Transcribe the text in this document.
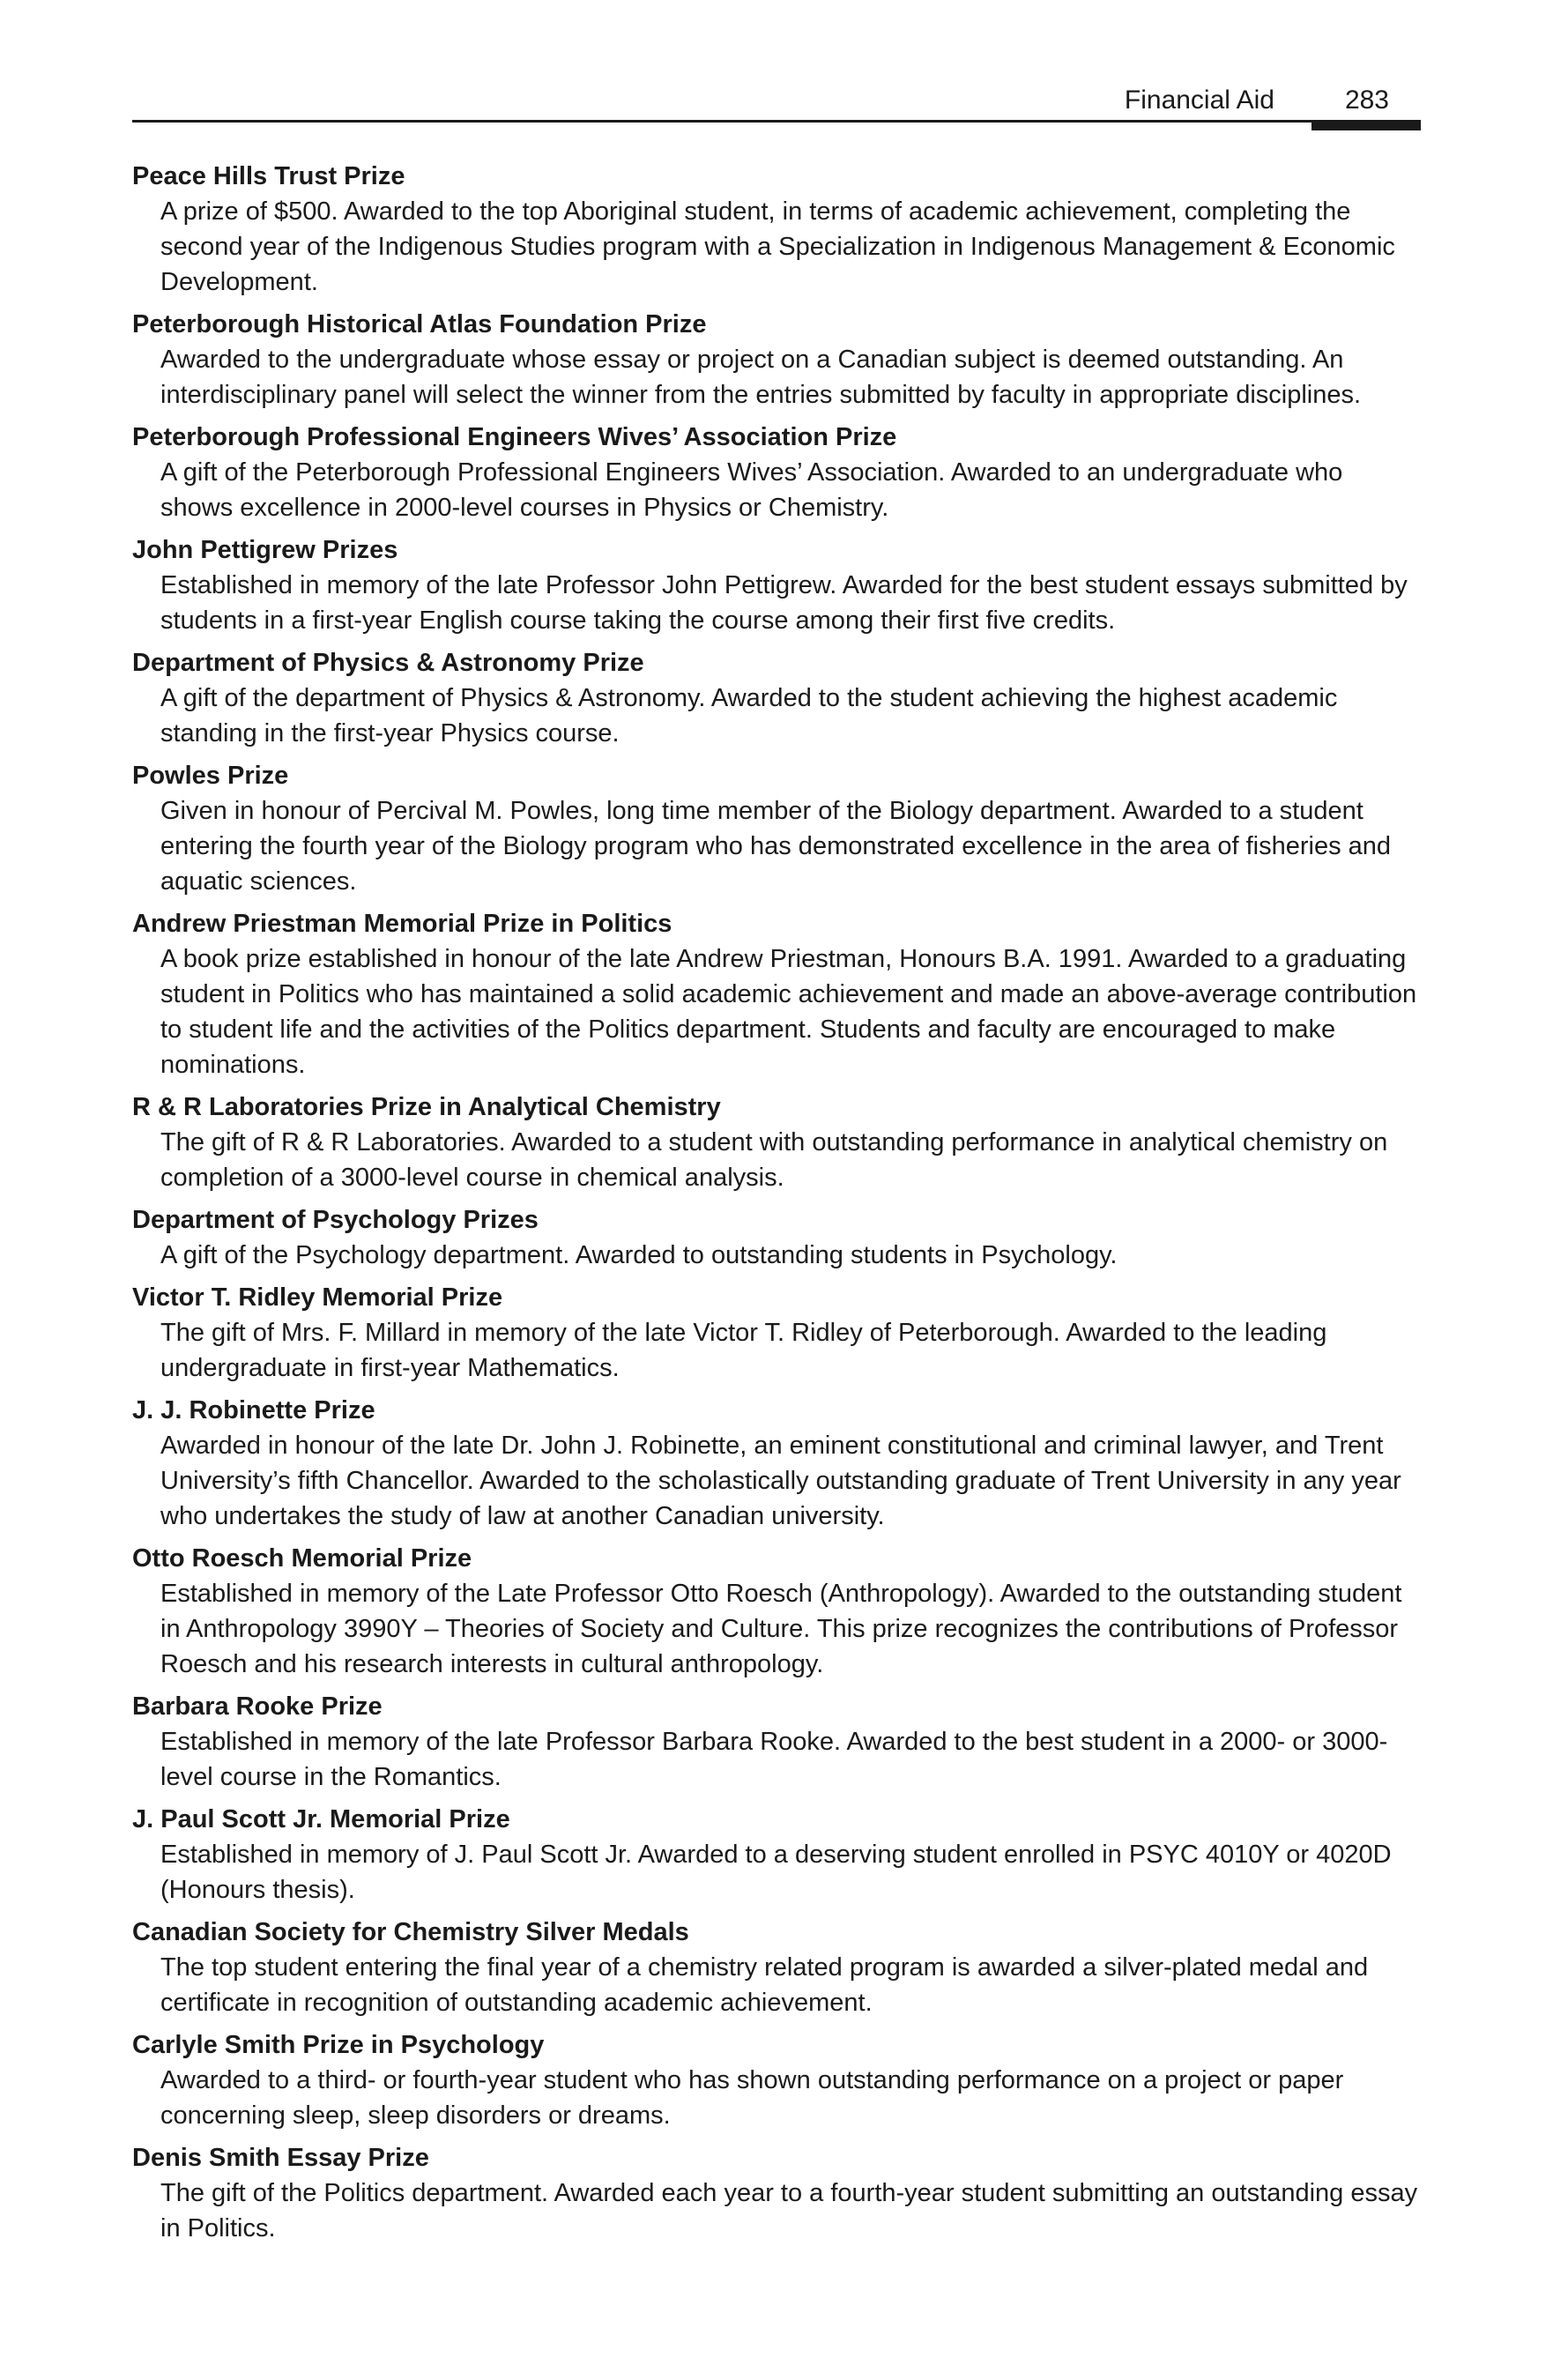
Financial Aid	283
Peace Hills Trust Prize
A prize of $500. Awarded to the top Aboriginal student, in terms of academic achievement, completing the second year of the Indigenous Studies program with a Specialization in Indigenous Management & Economic Development.
Peterborough Historical Atlas Foundation Prize
Awarded to the undergraduate whose essay or project on a Canadian subject is deemed outstanding. An interdisciplinary panel will select the winner from the entries submitted by faculty in appropriate disciplines.
Peterborough Professional Engineers Wives’ Association Prize
A gift of the Peterborough Professional Engineers Wives’ Association. Awarded to an undergraduate who shows excellence in 2000-level courses in Physics or Chemistry.
John Pettigrew Prizes
Established in memory of the late Professor John Pettigrew. Awarded for the best student essays submitted by students in a first-year English course taking the course among their first five credits.
Department of Physics & Astronomy Prize
A gift of the department of Physics & Astronomy. Awarded to the student achieving the highest academic standing in the first-year Physics course.
Powles Prize
Given in honour of Percival M. Powles, long time member of the Biology department. Awarded to a student entering the fourth year of the Biology program who has demonstrated excellence in the area of fisheries and aquatic sciences.
Andrew Priestman Memorial Prize in Politics
A book prize established in honour of the late Andrew Priestman, Honours B.A. 1991. Awarded to a graduating student in Politics who has maintained a solid academic achievement and made an above-average contribution to student life and the activities of the Politics department. Students and faculty are encouraged to make nominations.
R & R Laboratories Prize in Analytical Chemistry
The gift of R & R Laboratories. Awarded to a student with outstanding performance in analytical chemistry on completion of a 3000-level course in chemical analysis.
Department of Psychology Prizes
A gift of the Psychology department. Awarded to outstanding students in Psychology.
Victor T. Ridley Memorial Prize
The gift of Mrs. F. Millard in memory of the late Victor T. Ridley of Peterborough. Awarded to the leading undergraduate in first-year Mathematics.
J. J. Robinette Prize
Awarded in honour of the late Dr. John J. Robinette, an eminent constitutional and criminal lawyer, and Trent University’s fifth Chancellor. Awarded to the scholastically outstanding graduate of Trent University in any year who undertakes the study of law at another Canadian university.
Otto Roesch Memorial Prize
Established in memory of the Late Professor Otto Roesch (Anthropology). Awarded to the outstanding student in Anthropology 3990Y – Theories of Society and Culture. This prize recognizes the contributions of Professor Roesch and his research interests in cultural anthropology.
Barbara Rooke Prize
Established in memory of the late Professor Barbara Rooke. Awarded to the best student in a 2000- or 3000-level course in the Romantics.
J. Paul Scott Jr. Memorial Prize
Established in memory of J. Paul Scott Jr. Awarded to a deserving student enrolled in PSYC 4010Y or 4020D (Honours thesis).
Canadian Society for Chemistry Silver Medals
The top student entering the final year of a chemistry related program is awarded a silver-plated medal and certificate in recognition of outstanding academic achievement.
Carlyle Smith Prize in Psychology
Awarded to a third- or fourth-year student who has shown outstanding performance on a project or paper concerning sleep, sleep disorders or dreams.
Denis Smith Essay Prize
The gift of the Politics department. Awarded each year to a fourth-year student submitting an outstanding essay in Politics.
